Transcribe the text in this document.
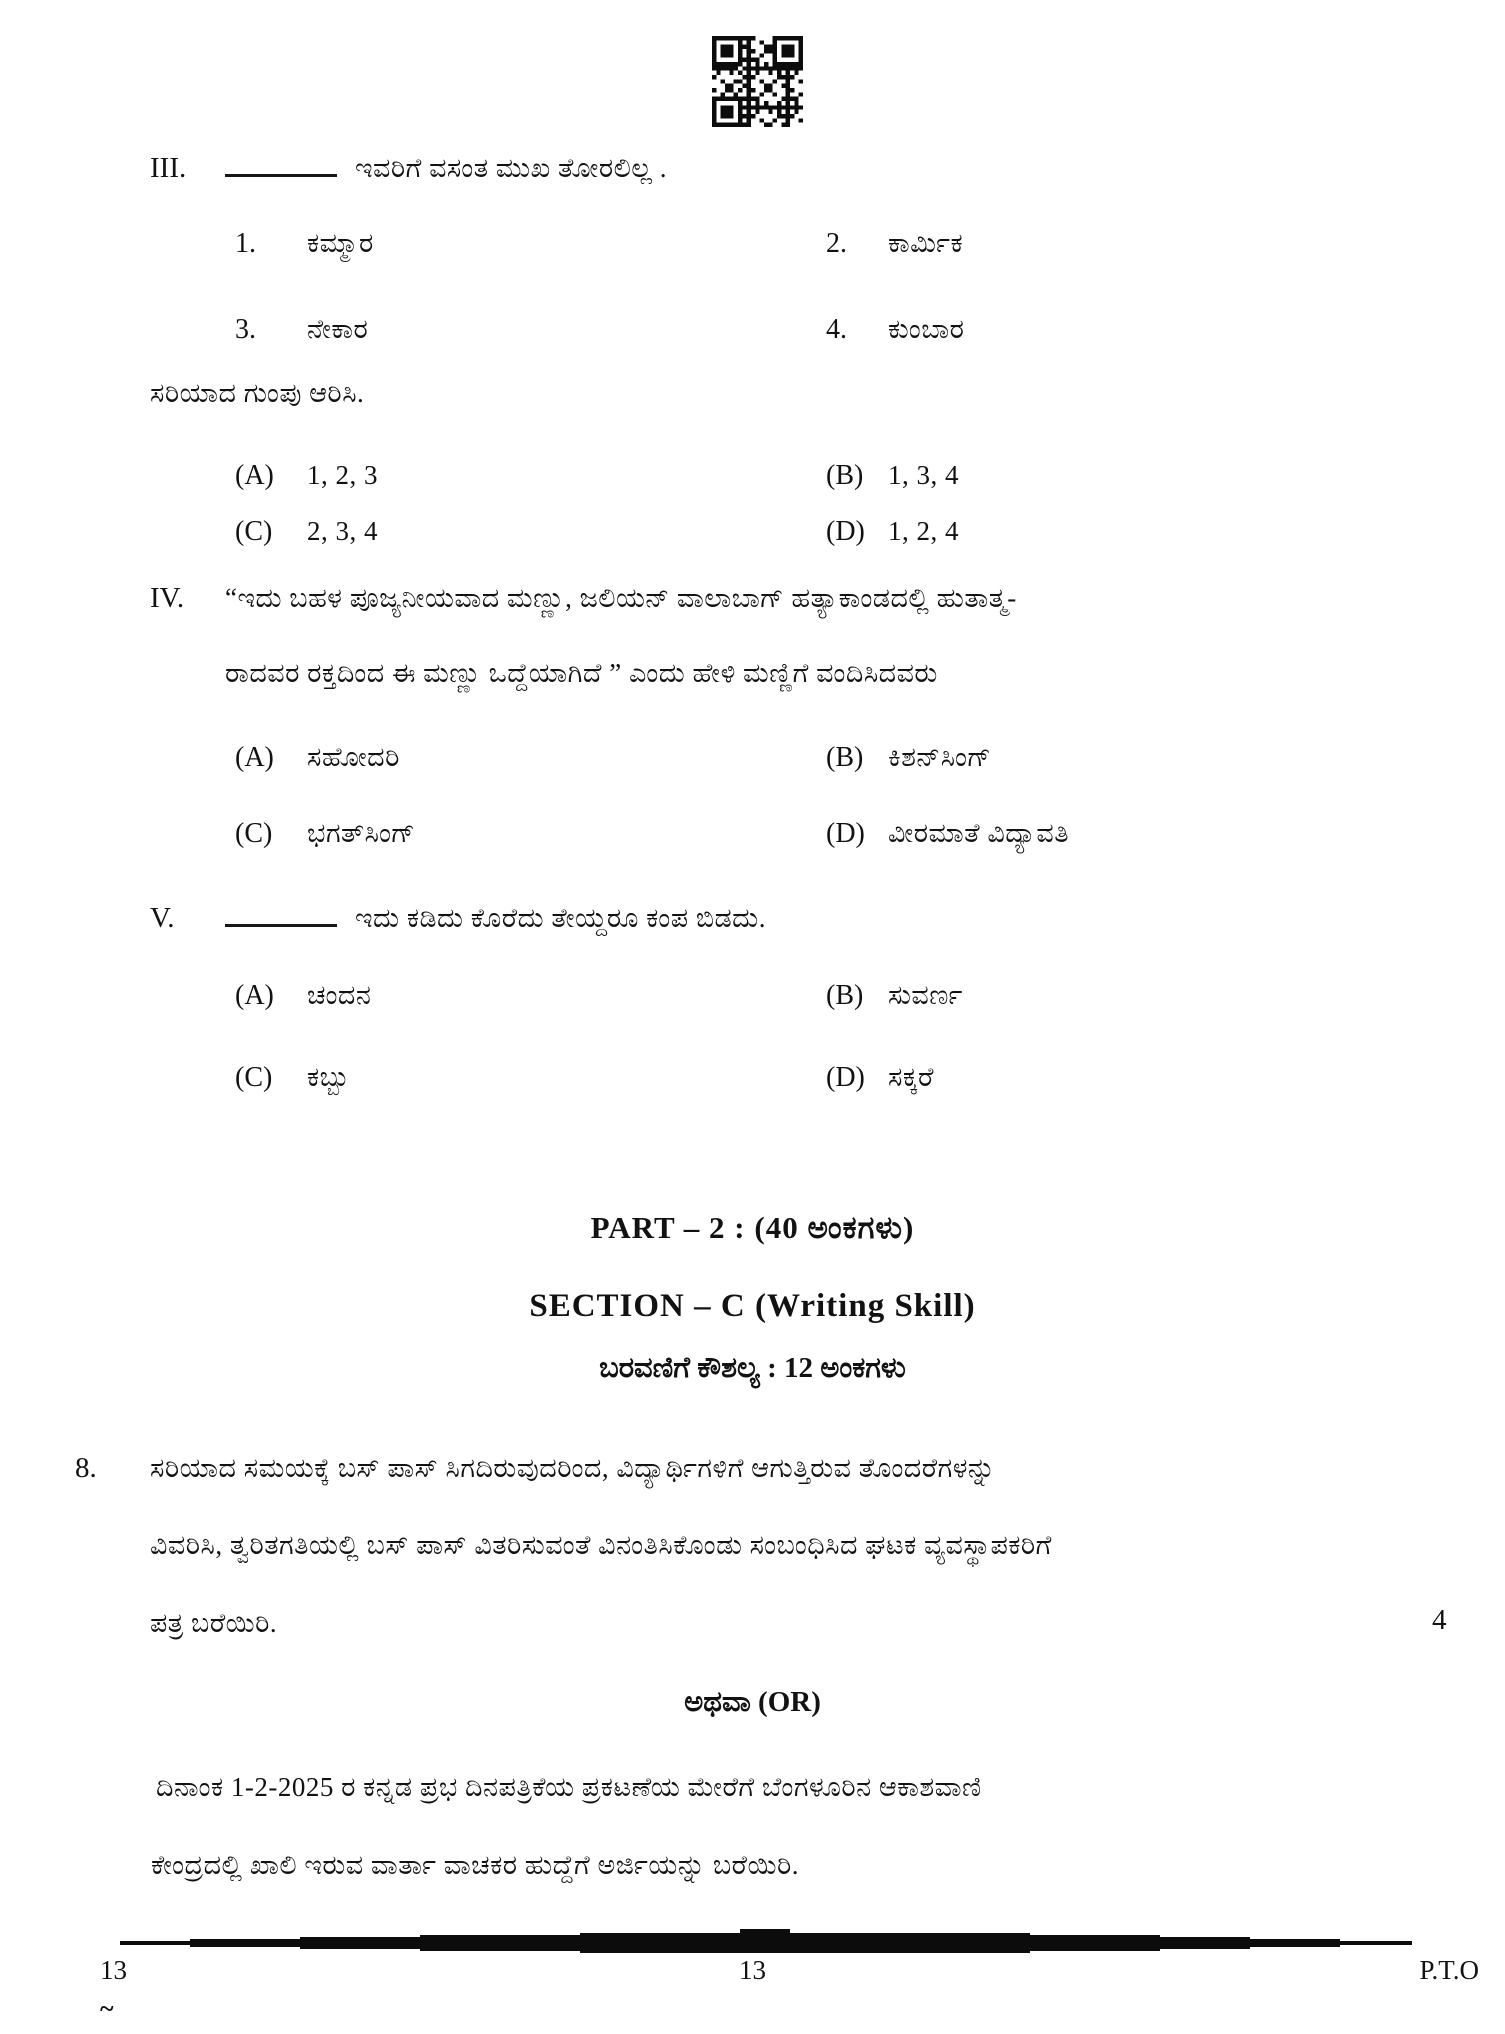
III.	ಇವರಿಗೆ ವಸಂತ ಮುಖ ತೋರಲಿಲ್ಲ .
1.	ಕಮ್ಮಾರ	2.	ಕಾರ್ಮಿಕ
3.	ನೇಕಾರ	4.	ಕುಂಬಾರ
ಸರಿಯಾದ ಗುಂಪು ಆರಿಸಿ.
(A)	1, 2, 3	(B) 1, 3, 4
(C)	2, 3, 4	(D) 1, 2, 4
IV.	“ಇದು ಬಹಳ ಪೂಜ್ಯನೀಯವಾದ ಮಣ್ಣು, ಜಲಿಯನ್ ವಾಲಾಬಾಗ್ ಹತ್ಯಾಕಾಂಡದಲ್ಲಿ ಹುತಾತ್ಮ-
ರಾದವರ ರಕ್ತದಿಂದ ಈ ಮಣ್ಣು ಒದ್ದೆಯಾಗಿದೆ ” ಎಂದು ಹೇಳಿ ಮಣ್ಣಿಗೆ ವಂದಿಸಿದವರು
(A)	ಸಹೋದರಿ	(B) ಕಿಶನ್‌ಸಿಂಗ್
(C)	ಭಗತ್‌ಸಿಂಗ್	(D) ವೀರಮಾತೆ ವಿದ್ಯಾವತಿ
V.	ಇದು ಕಡಿದು ಕೊರೆದು ತೇಯ್ದರೂ ಕಂಪ ಬಿಡದು.
(A)	ಚಂದನ	(B) ಸುವರ್ಣ
(C)	ಕಬ್ಬು	(D) ಸಕ್ಕರೆ
PART – 2 : (40 ಅಂಕಗಳು)
SECTION – C (Writing Skill)
ಬರವಣಿಗೆ ಕೌಶಲ್ಯ : 12 ಅಂಕಗಳು
8.	ಸರಿಯಾದ ಸಮಯಕ್ಕೆ ಬಸ್ ಪಾಸ್ ಸಿಗದಿರುವುದರಿಂದ, ವಿದ್ಯಾರ್ಥಿಗಳಿಗೆ ಆಗುತ್ತಿರುವ ತೊಂದರೆಗಳನ್ನು
ವಿವರಿಸಿ, ತ್ವರಿತಗತಿಯಲ್ಲಿ ಬಸ್ ಪಾಸ್ ವಿತರಿಸುವಂತೆ ವಿನಂತಿಸಿಕೊಂಡು ಸಂಬಂಧಿಸಿದ ಘಟಕ ವ್ಯವಸ್ಥಾಪಕರಿಗೆ
ಪತ್ರ ಬರೆಯಿರಿ.	4
ಅಥವಾ (OR)
ದಿನಾಂಕ 1-2-2025 ರ ಕನ್ನಡ ಪ್ರಭ ದಿನಪತ್ರಿಕೆಯ ಪ್ರಕಟಣೆಯ ಮೇರೆಗೆ ಬೆಂಗಳೂರಿನ ಆಕಾಶವಾಣಿ
ಕೇಂದ್ರದಲ್ಲಿ ಖಾಲಿ ಇರುವ ವಾರ್ತಾ ವಾಚಕರ ಹುದ್ದೆಗೆ ಅರ್ಜಿಯನ್ನು ಬರೆಯಿರಿ.
13	13	P.T.O
~
